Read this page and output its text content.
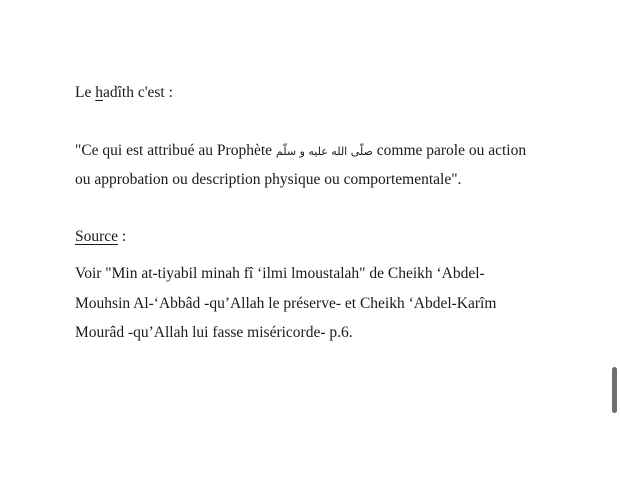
Le hadîth c'est :
"Ce qui est attribué au Prophète صلّى الله عليه و سلّم comme parole ou action
ou approbation ou description physique ou comportementale".
Source :
Voir "Min at-tiyabil minah fî ‘ilmi lmoustalah" de Cheikh ‘Abdel-
Mouhsin Al-‘Abbâd -qu’Allah le préserve- et Cheikh ‘Abdel-Karîm
Mourâd -qu’Allah lui fasse miséricorde- p.6.
